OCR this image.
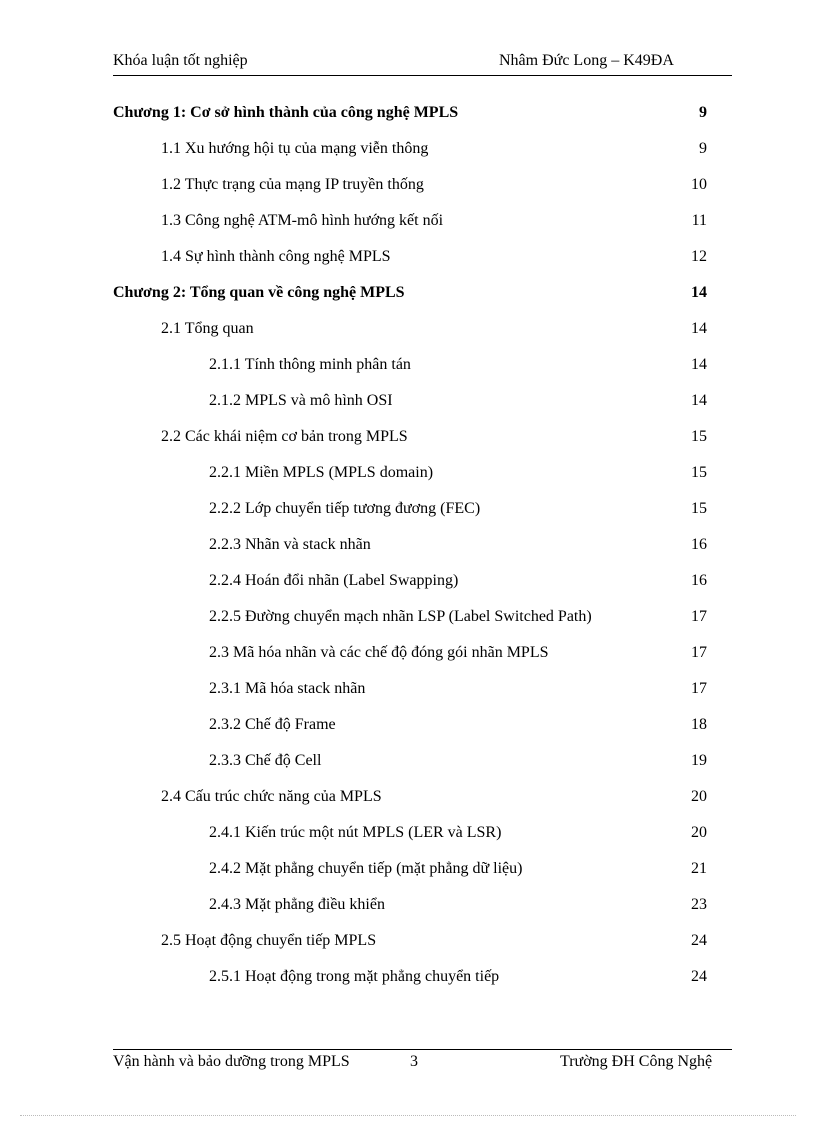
Khóa luận tốt nghiệp	Nhâm Đức Long – K49ĐA
Chương 1: Cơ sở hình thành của công nghệ MPLS	9
1.1 Xu hướng hội tụ của mạng viễn thông	9
1.2 Thực trạng của mạng IP truyền thống	10
1.3 Công nghệ ATM-mô hình hướng kết nối	11
1.4 Sự hình thành công nghệ MPLS	12
Chương 2: Tổng quan về công nghệ MPLS	14
2.1 Tổng quan	14
2.1.1 Tính thông minh phân tán	14
2.1.2 MPLS và mô hình OSI	14
2.2 Các khái niệm cơ bản trong MPLS	15
2.2.1 Miền MPLS (MPLS domain)	15
2.2.2 Lớp chuyển tiếp tương đương (FEC)	15
2.2.3 Nhãn và stack nhãn	16
2.2.4 Hoán đổi nhãn (Label Swapping)	16
2.2.5 Đường chuyển mạch nhãn LSP (Label Switched Path)	17
2.3 Mã hóa nhãn và các chế độ đóng gói nhãn MPLS	17
2.3.1 Mã hóa stack nhãn	17
2.3.2 Chế độ Frame	18
2.3.3 Chế độ Cell	19
2.4 Cấu trúc chức năng của MPLS	20
2.4.1 Kiến trúc một nút MPLS (LER và LSR)	20
2.4.2 Mặt phẳng chuyển tiếp (mặt phẳng dữ liệu)	21
2.4.3 Mặt phẳng điều khiển	23
2.5 Hoạt động chuyển tiếp MPLS	24
2.5.1 Hoạt động trong mặt phẳng chuyển tiếp	24
Vận hành và bảo dưỡng trong MPLS	3	Trường ĐH Công Nghệ
